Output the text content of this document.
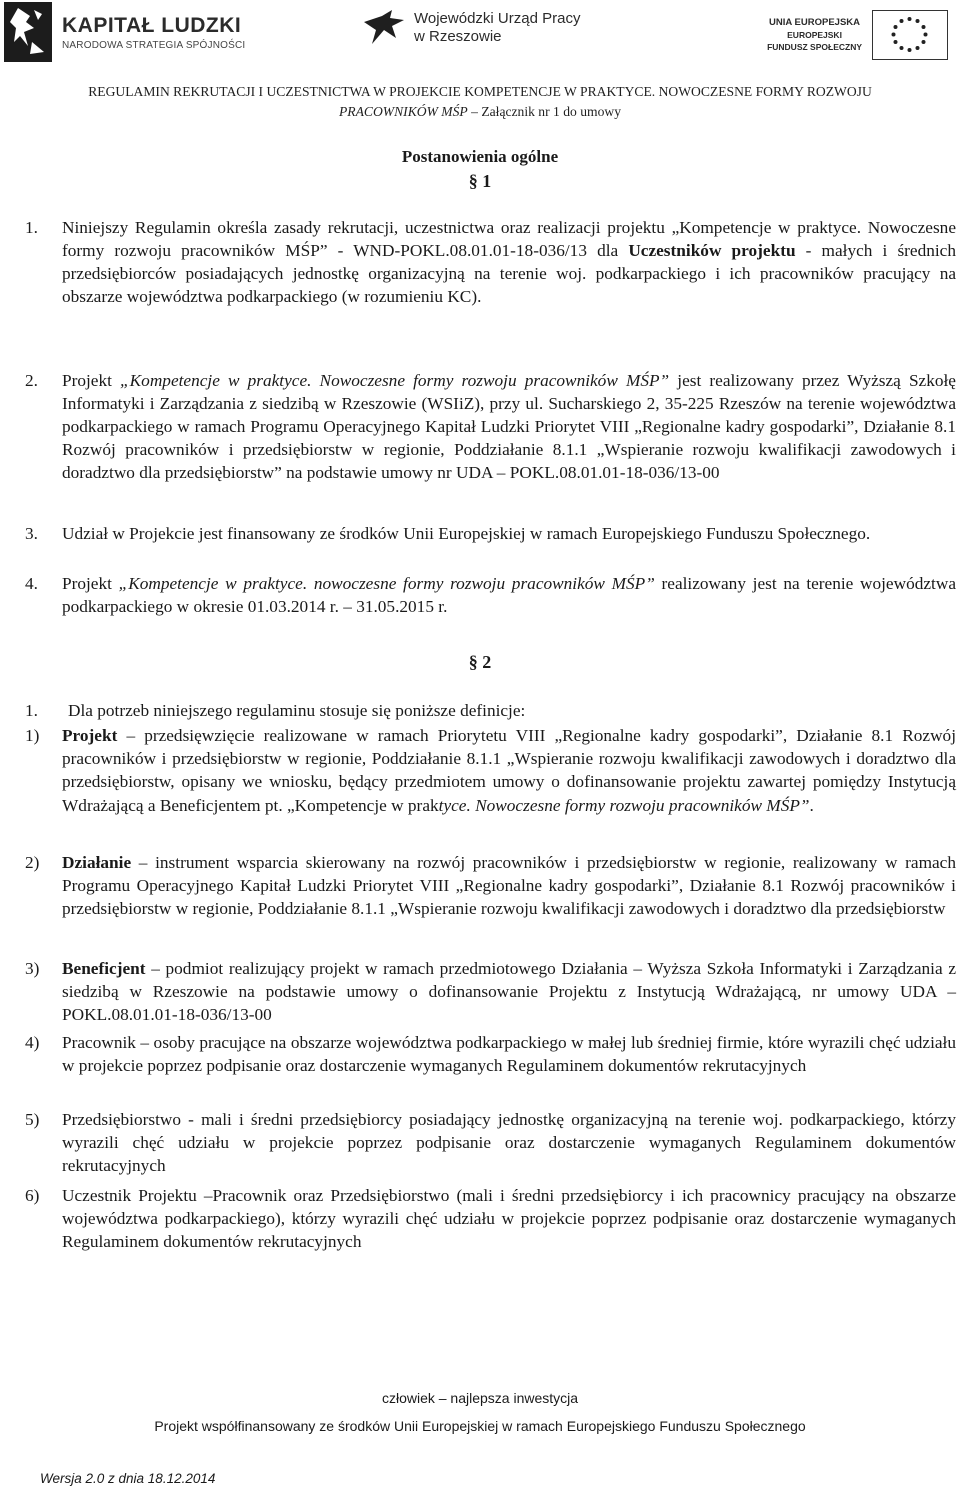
KAPITAŁ LUDZKI
NARODOWA STRATEGIA SPÓJNOŚCI
Wojewódzki Urząd Pracy
w Rzeszowie
UNIA EUROPEJSKA
EUROPEJSKI
FUNDUSZ SPOŁECZNY
REGULAMIN REKRUTACJI I UCZESTNICTWA W PROJEKCIE KOMPETENCJE W PRAKTYCE. NOWOCZESNE FORMY ROZWOJU
PRACOWNIKÓW MŚP – Załącznik nr 1 do umowy
Postanowienia ogólne
§ 1
1. Niniejszy Regulamin określa zasady rekrutacji, uczestnictwa oraz realizacji projektu „Kompetencje w praktyce. Nowoczesne formy rozwoju pracowników MŚP” - WND-POKL.08.01.01-18-036/13 dla Uczestników projektu - małych i średnich przedsiębiorców posiadających jednostkę organizacyjną na terenie woj. podkarpackiego i ich pracowników pracujący na obszarze województwa podkarpackiego (w rozumieniu KC).
2. Projekt „Kompetencje w praktyce. Nowoczesne formy rozwoju pracowników MŚP” jest realizowany przez Wyższą Szkołę Informatyki i Zarządzania z siedzibą w Rzeszowie (WSIiZ), przy ul. Sucharskiego 2, 35-225 Rzeszów na terenie województwa podkarpackiego w ramach Programu Operacyjnego Kapitał Ludzki Priorytet VIII „Regionalne kadry gospodarki”, Działanie 8.1 Rozwój pracowników i przedsiębiorstw w regionie, Poddziałanie 8.1.1 „Wspieranie rozwoju kwalifikacji zawodowych i doradztwo dla przedsiębiorstw” na podstawie umowy nr UDA – POKL.08.01.01-18-036/13-00
3. Udział w Projekcie jest finansowany ze środków Unii Europejskiej w ramach Europejskiego Funduszu Społecznego.
4. Projekt „Kompetencje w praktyce. nowoczesne formy rozwoju pracowników MŚP” realizowany jest na terenie województwa podkarpackiego w okresie 01.03.2014 r. – 31.05.2015 r.
§ 2
1. Dla potrzeb niniejszego regulaminu stosuje się poniższe definicje:
1) Projekt – przedsięwzięcie realizowane w ramach Priorytetu VIII „Regionalne kadry gospodarki”, Działanie 8.1 Rozwój pracowników i przedsiębiorstw w regionie, Poddziałanie 8.1.1 „Wspieranie rozwoju kwalifikacji zawodowych i doradztwo dla przedsiębiorstw, opisany we wniosku, będący przedmiotem umowy o dofinansowanie projektu zawartej pomiędzy Instytucją Wdrażającą a Beneficjentem pt. „Kompetencje w praktyce. Nowoczesne formy rozwoju pracowników MŚP”.
2) Działanie – instrument wsparcia skierowany na rozwój pracowników i przedsiębiorstw w regionie, realizowany w ramach Programu Operacyjnego Kapitał Ludzki Priorytet VIII „Regionalne kadry gospodarki”, Działanie 8.1 Rozwój pracowników i przedsiębiorstw w regionie, Poddziałanie 8.1.1 „Wspieranie rozwoju kwalifikacji zawodowych i doradztwo dla przedsiębiorstw
3) Beneficjent – podmiot realizujący projekt w ramach przedmiotowego Działania – Wyższa Szkoła Informatyki i Zarządzania z siedzibą w Rzeszowie na podstawie umowy o dofinansowanie Projektu z Instytucją Wdrażającą, nr umowy UDA – POKL.08.01.01-18-036/13-00
4) Pracownik – osoby pracujące na obszarze województwa podkarpackiego w małej lub średniej firmie, które wyrazili chęć udziału w projekcie poprzez podpisanie oraz dostarczenie wymaganych Regulaminem dokumentów rekrutacyjnych
5) Przedsiębiorstwo - mali i średni przedsiębiorcy posiadający jednostkę organizacyjną na terenie woj. podkarpackiego, którzy wyrazili chęć udziału w projekcie poprzez podpisanie oraz dostarczenie wymaganych Regulaminem dokumentów rekrutacyjnych
6) Uczestnik Projektu –Pracownik oraz Przedsiębiorstwo (mali i średni przedsiębiorcy i ich pracownicy pracujący na obszarze województwa podkarpackiego), którzy wyrazili chęć udziału w projekcie poprzez podpisanie oraz dostarczenie wymaganych Regulaminem dokumentów rekrutacyjnych
człowiek – najlepsza inwestycja
Projekt współfinansowany ze środków Unii Europejskiej w ramach Europejskiego Funduszu Społecznego
Wersja 2.0 z dnia 18.12.2014
